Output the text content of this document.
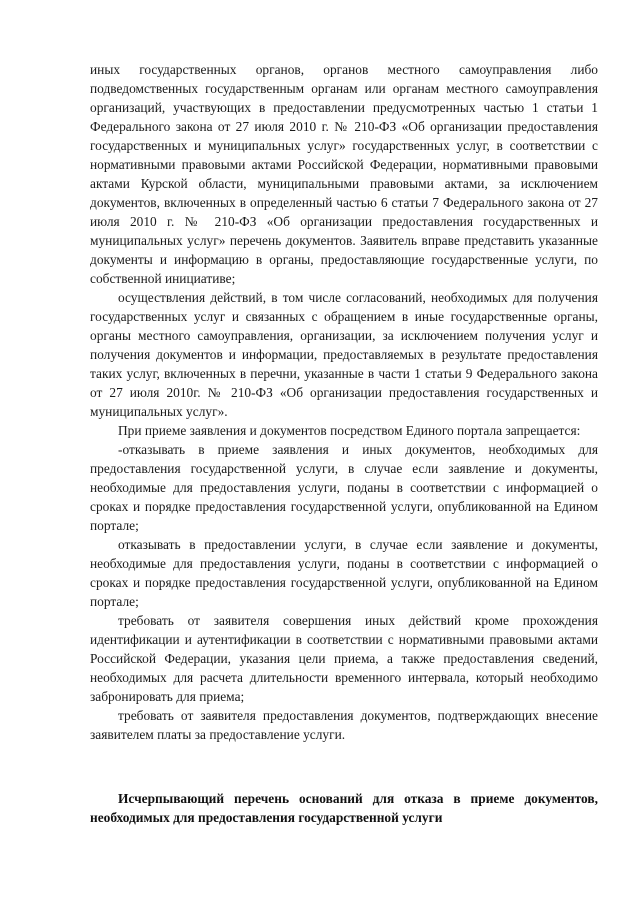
иных государственных органов, органов местного самоуправления либо подведомственных государственным органам или органам местного самоуправления организаций, участвующих в предоставлении предусмотренных частью 1 статьи 1 Федерального закона от 27 июля 2010 г. № 210-ФЗ «Об организации предоставления государственных и муниципальных услуг» государственных услуг, в соответствии с нормативными правовыми актами Российской Федерации, нормативными правовыми актами Курской области, муниципальными правовыми актами, за исключением документов, включенных в определенный частью 6 статьи 7 Федерального закона от 27 июля 2010 г. № 210-ФЗ «Об организации предоставления государственных и муниципальных услуг» перечень документов. Заявитель вправе представить указанные документы и информацию в органы, предоставляющие государственные услуги, по собственной инициативе;

осуществления действий, в том числе согласований, необходимых для получения государственных услуг и связанных с обращением в иные государственные органы, органы местного самоуправления, организации, за исключением получения услуг и получения документов и информации, предоставляемых в результате предоставления таких услуг, включенных в перечни, указанные в части 1 статьи 9 Федерального закона от 27 июля 2010г. № 210-ФЗ «Об организации предоставления государственных и муниципальных услуг».

При приеме заявления и документов посредством Единого портала запрещается:

-отказывать в приеме заявления и иных документов, необходимых для предоставления государственной услуги, в случае если заявление и документы, необходимые для предоставления услуги, поданы в соответствии с информацией о сроках и порядке предоставления государственной услуги, опубликованной на Едином портале;

отказывать в предоставлении услуги, в случае если заявление и документы, необходимые для предоставления услуги, поданы в соответствии с информацией о сроках и порядке предоставления государственной услуги, опубликованной на Едином портале;

требовать от заявителя совершения иных действий кроме прохождения идентификации и аутентификации в соответствии с нормативными правовыми актами Российской Федерации, указания цели приема, а также предоставления сведений, необходимых для расчета длительности временного интервала, который необходимо забронировать для приема;

требовать от заявителя предоставления документов, подтверждающих внесение заявителем платы за предоставление услуги.

Исчерпывающий перечень оснований для отказа в приеме документов, необходимых для предоставления государственной услуги
